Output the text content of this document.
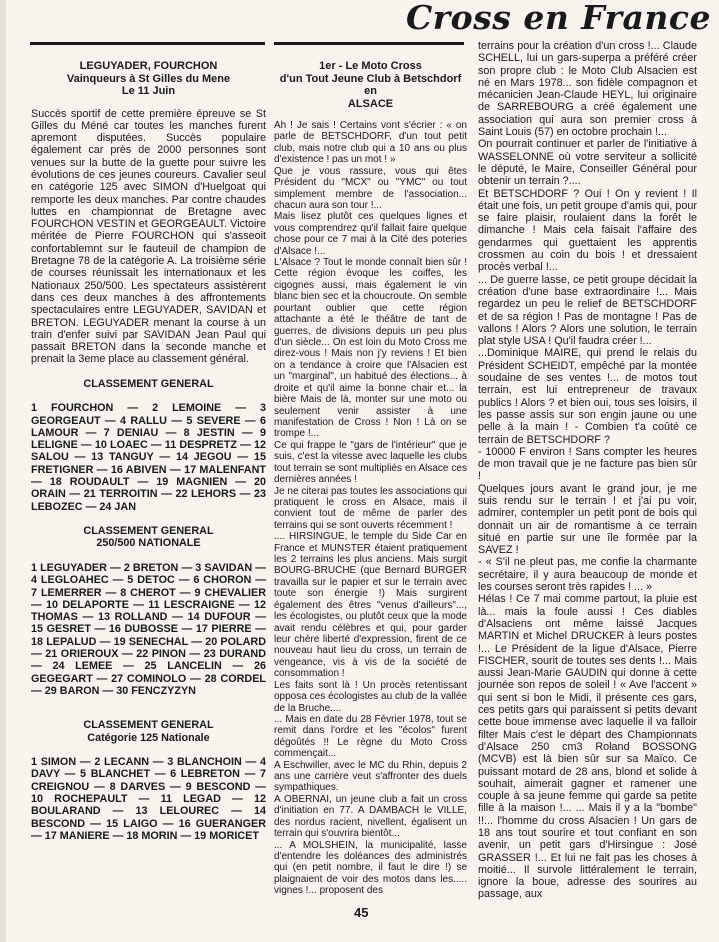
Cross en France
LEGUYADER, FOURCHON
Vainqueurs à St Gilles du Mene
Le 11 Juin

Succès sportif de cette première épreuve se St Gilles du Méné car toutes les manches furent apremont disputées. Succès populaire également car près de 2000 personnes sont venues sur la butte de la guette pour suivre les évolutions de ces jeunes coureurs. Cavalier seul en catégorie 125 avec SIMON d'Huelgoat qui remporte les deux manches. Par contre chaudes luttes en championnat de Bretagne avec FOURCHON VESTIN et GEORGEAULT. Victoire méritée de Pierre FOURCHON qui s'asseoit confortablemnt sur le fauteuil de champion de Bretagne 78 de la catégorie A. La troisième série de courses réunissait les internationaux et les Nationaux 250/500. Les spectateurs assistèrent dans ces deux manches à des affrontements spectaculaires entre LEGUYADER, SAVIDAN et BRETON. LEGUYADER menant la course à un train d'enfer suivi par SAVIDAN Jean Paul qui passait BRETON dans la seconde manche et prenait la 3eme place au classement général.

CLASSEMENT GENERAL

1 FOURCHON — 2 LEMOINE — 3 GEORGEAUT — 4 RALLU — 5 SEVERE — 6 LAMOUR — 7 DENIAU — 8 JESTIN — 9 LELIGNE — 10 LOAEC — 11 DESPRETZ — 12 SALOU — 13 TANGUY — 14 JEGOU — 15 FRETIGNER — 16 ABIVEN — 17 MALENFANT — 18 ROUDAULT — 19 MAGNIEN — 20 ORAIN — 21 TERROITIN — 22 LEHORS — 23 LEBOZEC — 24 JAN

CLASSEMENT GENERAL
250/500 NATIONALE

1 LEGUYADER — 2 BRETON — 3 SAVIDAN — 4 LEGLOAHEC — 5 DETOC — 6 CHORON — 7 LEMERRER — 8 CHEROT — 9 CHEVALIER — 10 DELAPORTE — 11 LESCRAIGNE — 12 THOMAS — 13 ROLLAND — 14 DUFOUR — 15 GESRET — 16 DUBOSSE — 17 PIERRE — 18 LEPALUD — 19 SENECHAL — 20 POLARD — 21 ORIEROUX — 22 PINON — 23 DURAND — 24 LEMEE — 25 LANCELIN — 26 GEGEGART — 27 COMINOLO — 28 CORDEL — 29 BARON — 30 FENCZYZYN

CLASSEMENT GENERAL
Catégorie 125 Nationale

1 SIMON — 2 LECANN — 3 BLANCHOIN — 4 DAVY — 5 BLANCHET — 6 LEBRETON — 7 CREIGNOU — 8 DARVES — 9 BESCOND — 10 ROCHEPAULT — 11 LEGAD — 12 BOULARAND — 13 LELOUREC — 14 BESCOND — 15 LAIGO — 16 GUERANGER — 17 MANIERE — 18 MORIN — 19 MORICET

1er - Le Moto Cross
d'un Tout Jeune Club à Betschdorf en
ALSACE

Ah ! Je sais ! Certains vont s'écrier : « on parle de BETSCHDORF, d'un tout petit club, mais notre club qui a 10 ans ou plus d'existence ! pas un mot ! »

Que je vous rassure, vous qui êtes Président du "MCX" ou "YMC" ou tout simplement membre de l'association... chacun aura son tour !...

Mais lisez plutôt ces quelques lignes et vous comprendrez qu'il fallait faire quelque chose pour ce 7 mai à la Cité des poteries d'Alsace !...

L'Alsace ? Tout le monde connaît bien sûr ! Cette région évoque les coiffes, les cigognes aussi, mais également le vin blanc bien sec et la choucroute. On semble pourtant oublier que cette région attachante a été le théâtre de tant de guerres, de divisions depuis un peu plus d'un siècle... On est loin du Moto Cross me direz-vous ! Mais non j'y reviens ! Et bien on a tendance à croire que l'Alsacien est un "marginal", un habitué des élections... à droite et qu'il aime la bonne chair et... la bière Mais de là, monter sur une moto ou seulement venir assister à une manifestation de Cross ! Non ! Là on se trompe !...

Ce qui frappe le "gars de l'intérieur" que je suis, c'est la vitesse avec laquelle les clubs tout terrain se sont multipliés en Alsace ces dernières années !

Je ne citerai pas toutes les associations qui pratiquent le cross en Alsace, mais il convient tout de même de parler des terrains qui se sont ouverts récemment !

.... HIRSINGUE, le temple du Side Car en France et MUNSTER étaient pratiquement les 2 terrains les plus anciens. Mais surgit BOURG-BRUCHE (que Bernard BURGER travailla sur le papier et sur le terrain avec toute son énergie !) Mais surgirent également des êtres "venus d'ailleurs"..., les écologistes, ou plutôt ceux que la mode avait rendu célèbres et qui, pour garder leur chère liberté d'expression, firent de ce nouveau haut lieu du cross, un terrain de vengeance, vis à vis de la société de consommation !

Les faits sont là ! Un procès retentissant opposa ces écologistes au club de la vallée de la Bruche....

... Mais en date du 28 Février 1978, tout se remit dans l'ordre et les "écolos" furent dégoûtés !! Le règne du Moto Cross commençait...

A Eschwiller, avec le MC du Rhin, depuis 2 ans une carrière veut s'affronter des duels sympathiques.

A OBERNAI, un jeune club a fait un cross d'initiation en 77. A DAMBACH le VILLE, des nordus racient, nivellent, égalisent un terrain qui s'ouvrira bientôt...

... A MOLSHEIN, la municipalité, lasse d'entendre les doléances des administrés qui (en petit nombre, il faut le dire !) se plaignaient de voir des motos dans les..... vignes !... proposent des

terrains pour la création d'un cross !... Claude SCHELL, lui un gars-superpa a préféré créer son propre club : le Moto Club Alsacien est né en Mars 1978... son fidèle compagnon et mécanicien Jean-Claude HEYL, lui originaire de SARREBOURG a créé également une association qui aura son premier cross à Saint Louis (57) en octobre prochain !...

On pourrait continuer et parler de l'initiative à WASSELONNE où votre serviteur a sollicité le député, le Maire, Conseiller Général pour obtenir un terrain ?....

Et BETSCHDORF ? Oui ! On y revient ! Il était une fois, un petit groupe d'amis qui, pour se faire plaisir, roulaient dans la forêt le dimanche ! Mais cela faisait l'affaire des gendarmes qui guettaient les apprentis crossmen au coin du bois ! et dressaient procès verbal !...

... De guerre lasse, ce petit groupe décidait la création d'une base extraordinaire !... Mais regardez un peu le relief de BETSCHDORF et de sa région ! Pas de montagne ! Pas de vallons ! Alors ? Alors une solution, le terrain plat style USA ! Qu'il faudra créer !...

...Dominique MAIRE, qui prend le relais du Président SCHEIDT, empêché par la montée soudaine de ses ventes !... de motos tout terrain, est lui entrepreneur de travaux publics ! Alors ? et bien oui, tous ses loisirs, il les passe assis sur son engin jaune ou une pelle à la main ! - Combien t'a coûté ce terrain de BETSCHDORF ?

- 10000 F environ ! Sans compter les heures de mon travail que je ne facture pas bien sûr !

Quelques jours avant le grand jour, je me suis rendu sur le terrain ! et j'ai pu voir, admirer, contempler un petit pont de bois qui donnait un air de romantisme à ce terrain situé en partie sur une île formée par la SAVEZ !

- « S'il ne pleut pas, me confie la charmante secrétaire, il y aura beaucoup de monde et les courses seront très rapides ! ... »

Hélas ! Ce 7 mai comme partout, la pluie est là... mais la foule aussi ! Ces diables d'Alsaciens ont même laissé Jacques MARTIN et Michel DRUCKER à leurs postes !... Le Président de la ligue d'Alsace, Pierre FISCHER, sourit de toutes ses dents !... Mais aussi Jean-Marie GAUDIN qui donne à cette journée son repos de soleil ! « Ave l'accent » qui sent si bon le Midi, il présente ces gars, ces petits gars qui paraissent si petits devant cette boue immense avec laquelle il va falloir filter Mais c'est le départ des Championnats d'Alsace 250 cm3 Roland BOSSONG (MCVB) est là bien sûr sur sa Maïco. Ce puissant motard de 28 ans, blond et solide à souhait, aimerait gagner et ramener une couple à sa jeune femme qui garde sa petite fille à la maison !... ... Mais il y a la "bombe" !!... l'homme du cross Alsacien ! Un gars de 18 ans tout sourire et tout confiant en son avenir, un petit gars d'Hirsingue : José GRASSER !... Et lui ne fait pas les choses à moitié... Il survole littéralement le terrain, ignore la boue, adresse des sourires au passage, aux

45
